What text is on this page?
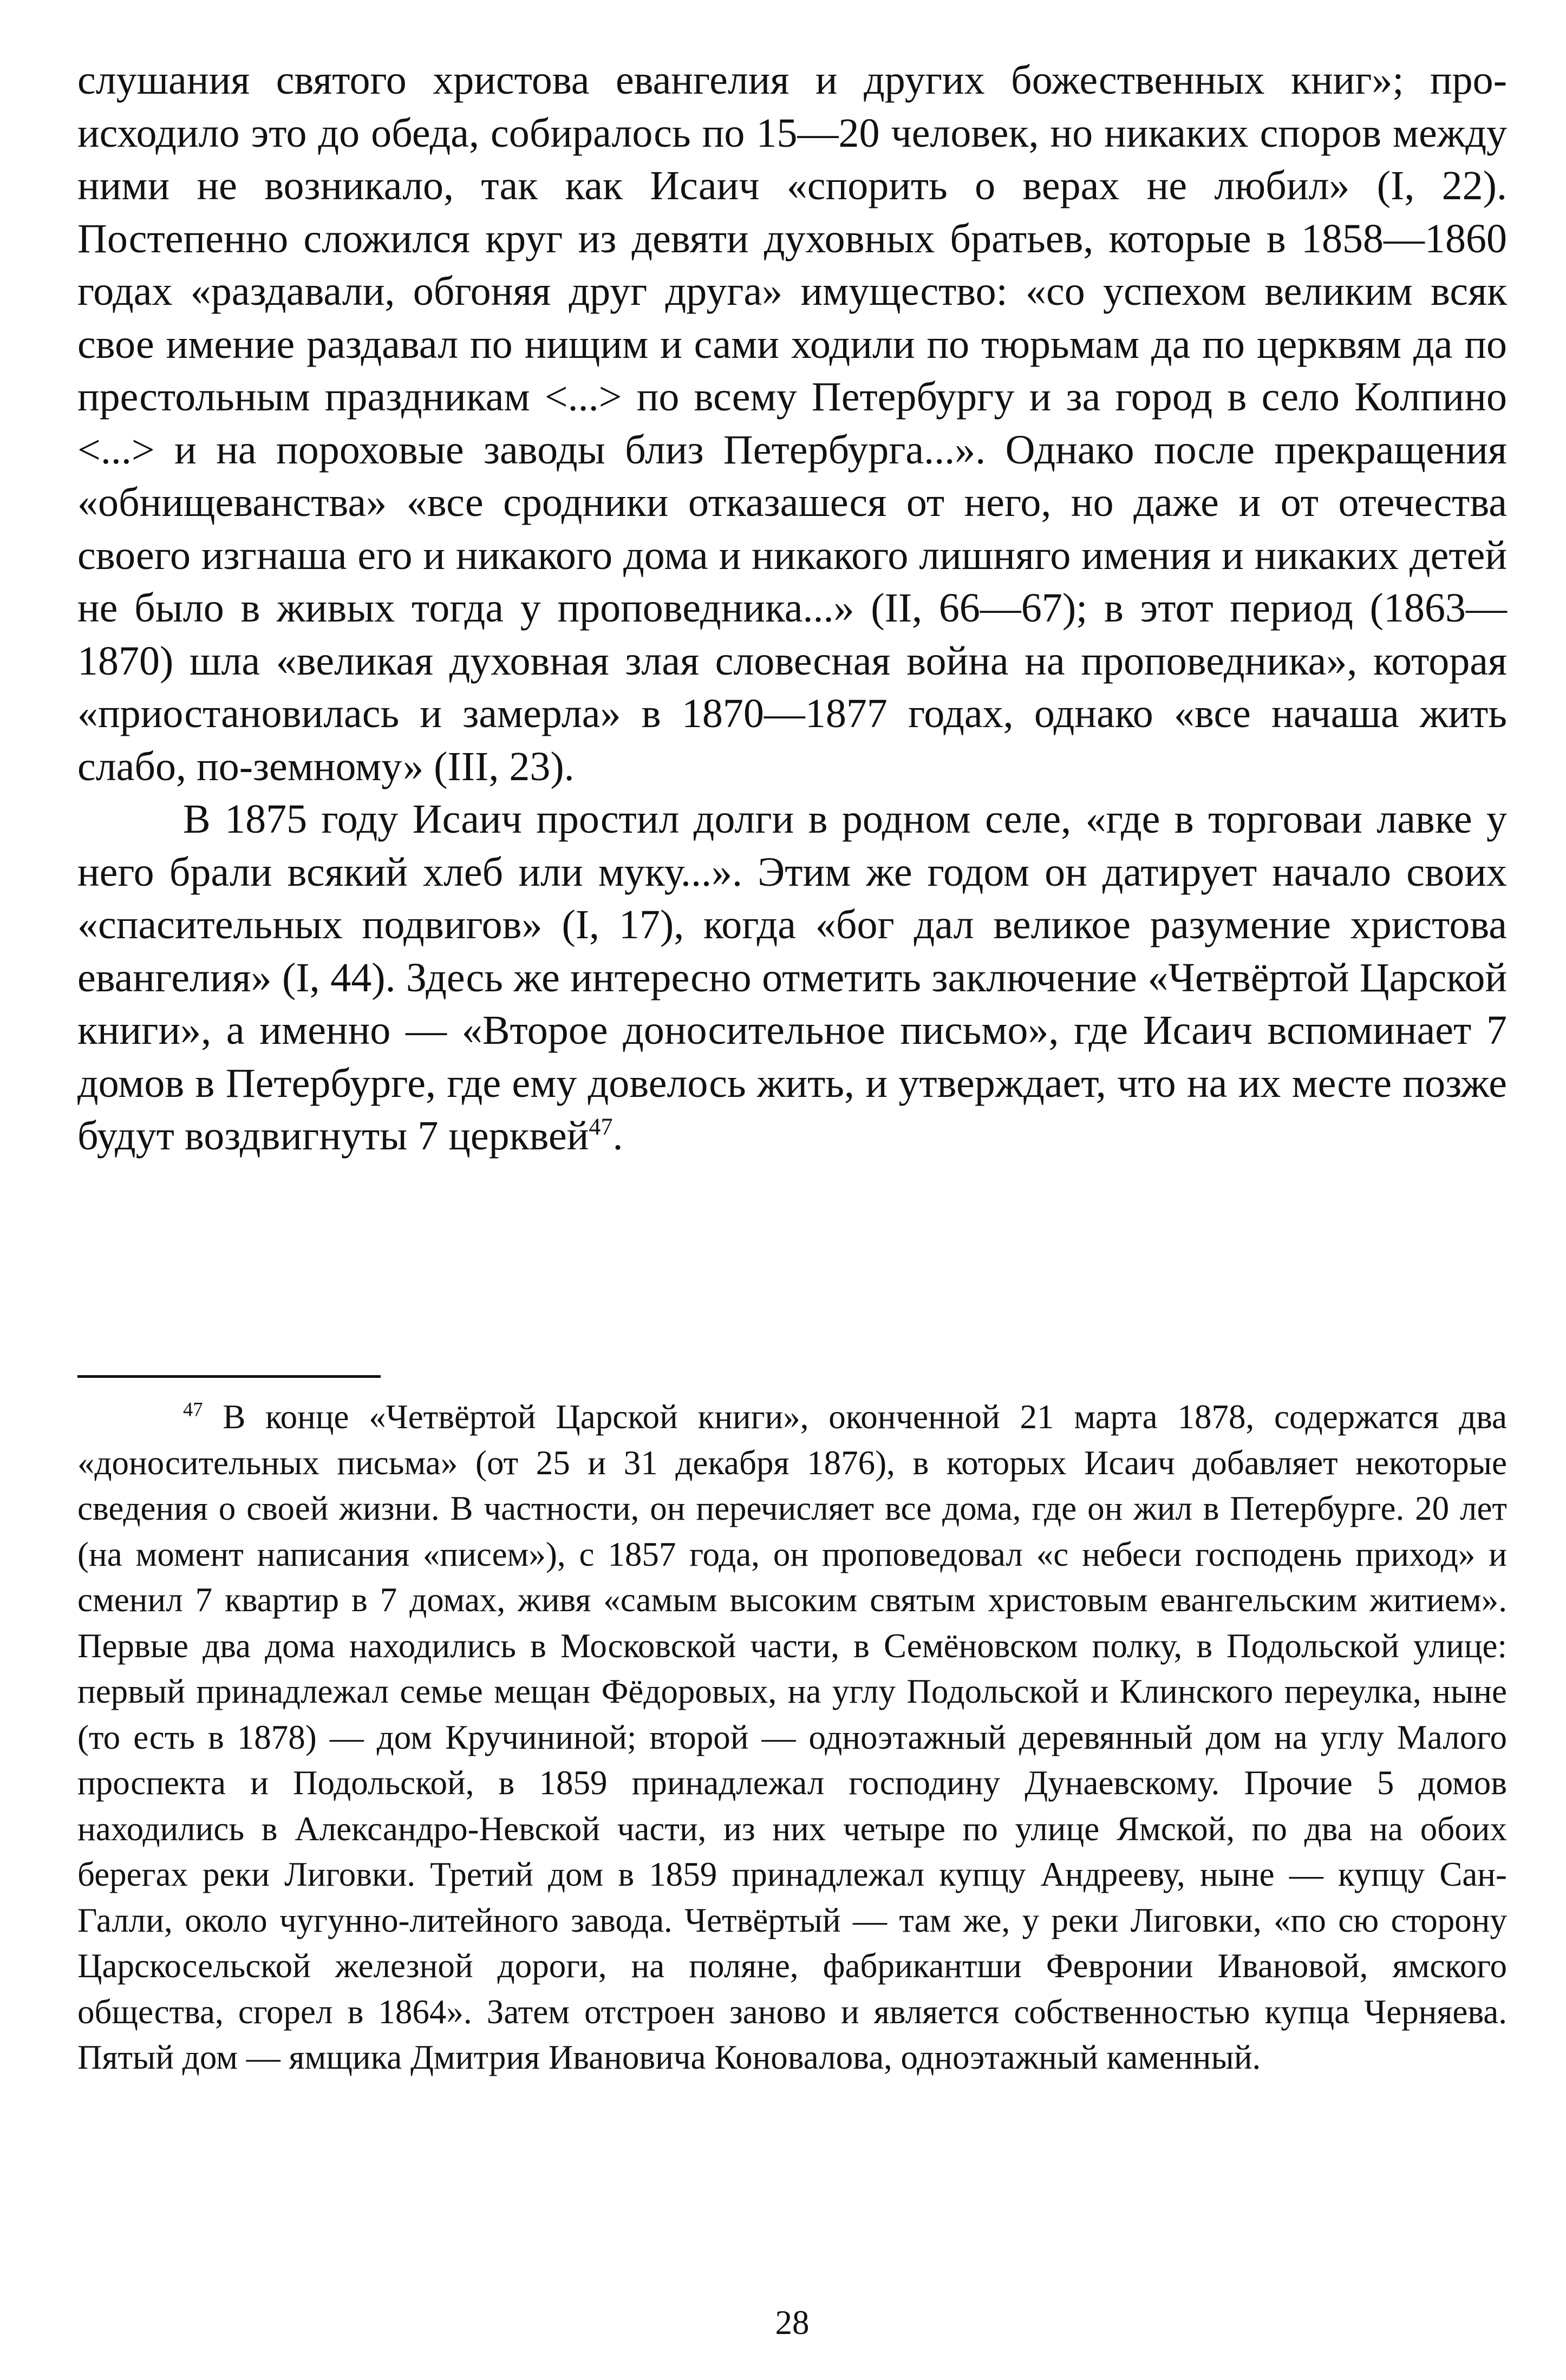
слушания святого христова евангелия и других божественных книг»; происходило это до обеда, собиралось по 15—20 человек, но никаких споров между ними не возникало, так как Исаич «спорить о верах не любил» (I, 22). Постепенно сложился круг из девяти духовных братьев, которые в 1858—1860 годах «раздавали, обгоняя друг друга» имущество: «со успехом великим всяк свое имение раздавал по нищим и сами ходили по тюрьмам да по церквям да по престольным праздникам <...> по всему Петербургу и за город в село Колпино <...> и на пороховые заводы близ Петербурга...». Однако после прекращения «обнищеванства» «все сродники отказашеся от него, но даже и от отечества своего изгнаша его и никакого дома и никакого лишняго имения и никаких детей не было в живых тогда у проповедника...» (II, 66—67); в этот период (1863—1870) шла «великая духовная злая словесная война на проповедника», которая «приостановилась и замерла» в 1870—1877 годах, однако «все начаша жить слабо, по-земному» (III, 23).

В 1875 году Исаич простил долги в родном селе, «где в торговаи лавке у него брали всякий хлеб или муку...». Этим же годом он датирует начало своих «спасительных подвигов» (I, 17), когда «бог дал великое разумение христова евангелия» (I, 44). Здесь же интересно отметить заключение «Четвёртой Царской книги», а именно — «Второе доносительное письмо», где Исаич вспоминает 7 домов в Петербурге, где ему довелось жить, и утверждает, что на их месте позже будут воздвигнуты 7 церквей$^{47}$.

$^{47}$ В конце «Четвёртой Царской книги», оконченной 21 марта 1878, содержатся два «доносительных письма» (от 25 и 31 декабря 1876), в которых Исаич добавляет некоторые сведения о своей жизни. В частности, он перечисляет все дома, где он жил в Петербурге. 20 лет (на момент написания «писем»), с 1857 года, он проповедовал «с небеси господень приход» и сменил 7 квартир в 7 домах, живя «самым высоким святым христовым евангельским житием». Первые два дома находились в Московской части, в Семёновском полку, в Подольской улице: первый принадлежал семье мещан Фёдоровых, на углу Подольской и Клинского переулка, ныне (то есть в 1878) — дом Кручининой; второй — одноэтажный деревянный дом на углу Малого проспекта и Подольской, в 1859 принадлежал господину Дунаевскому. Прочие 5 домов находились в Александро-Невской части, из них четыре по улице Ямской, по два на обоих берегах реки Лиговки. Третий дом в 1859 принадлежал купцу Андрееву, ныне — купцу Сан-Галли, около чугунно-литейного завода. Четвёртый — там же, у реки Лиговки, «по сю сторону Царскосельской железной дороги, на поляне, фабрикантши Февронии Ивановой, ямского общества, сгорел в 1864». Затем отстроен заново и является собственностью купца Черняева. Пятый дом — ямщика Дмитрия Ивановича Коновалова, одноэтажный каменный.

28
